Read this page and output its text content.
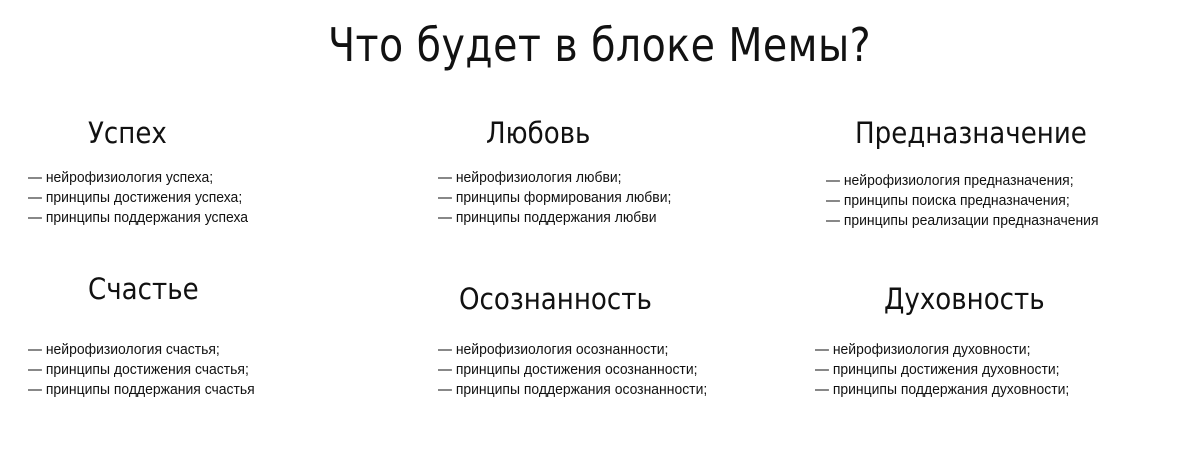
Что будет в блоке Мемы?
Успех
— нейрофизиология успеха;
— принципы достижения успеха;
— принципы поддержания успеха
Любовь
— нейрофизиология любви;
— принципы формирования любви;
— принципы поддержания любви
Предназначение
— нейрофизиология предназначения;
— принципы поиска предназначения;
— принципы реализации предназначения
Счастье
— нейрофизиология счастья;
— принципы достижения счастья;
— принципы поддержания счастья
Осознанность
— нейрофизиология осознанности;
— принципы достижения осознанности;
— принципы поддержания осознанности;
Духовность
— нейрофизиология духовности;
— принципы достижения духовности;
— принципы поддержания духовности;
